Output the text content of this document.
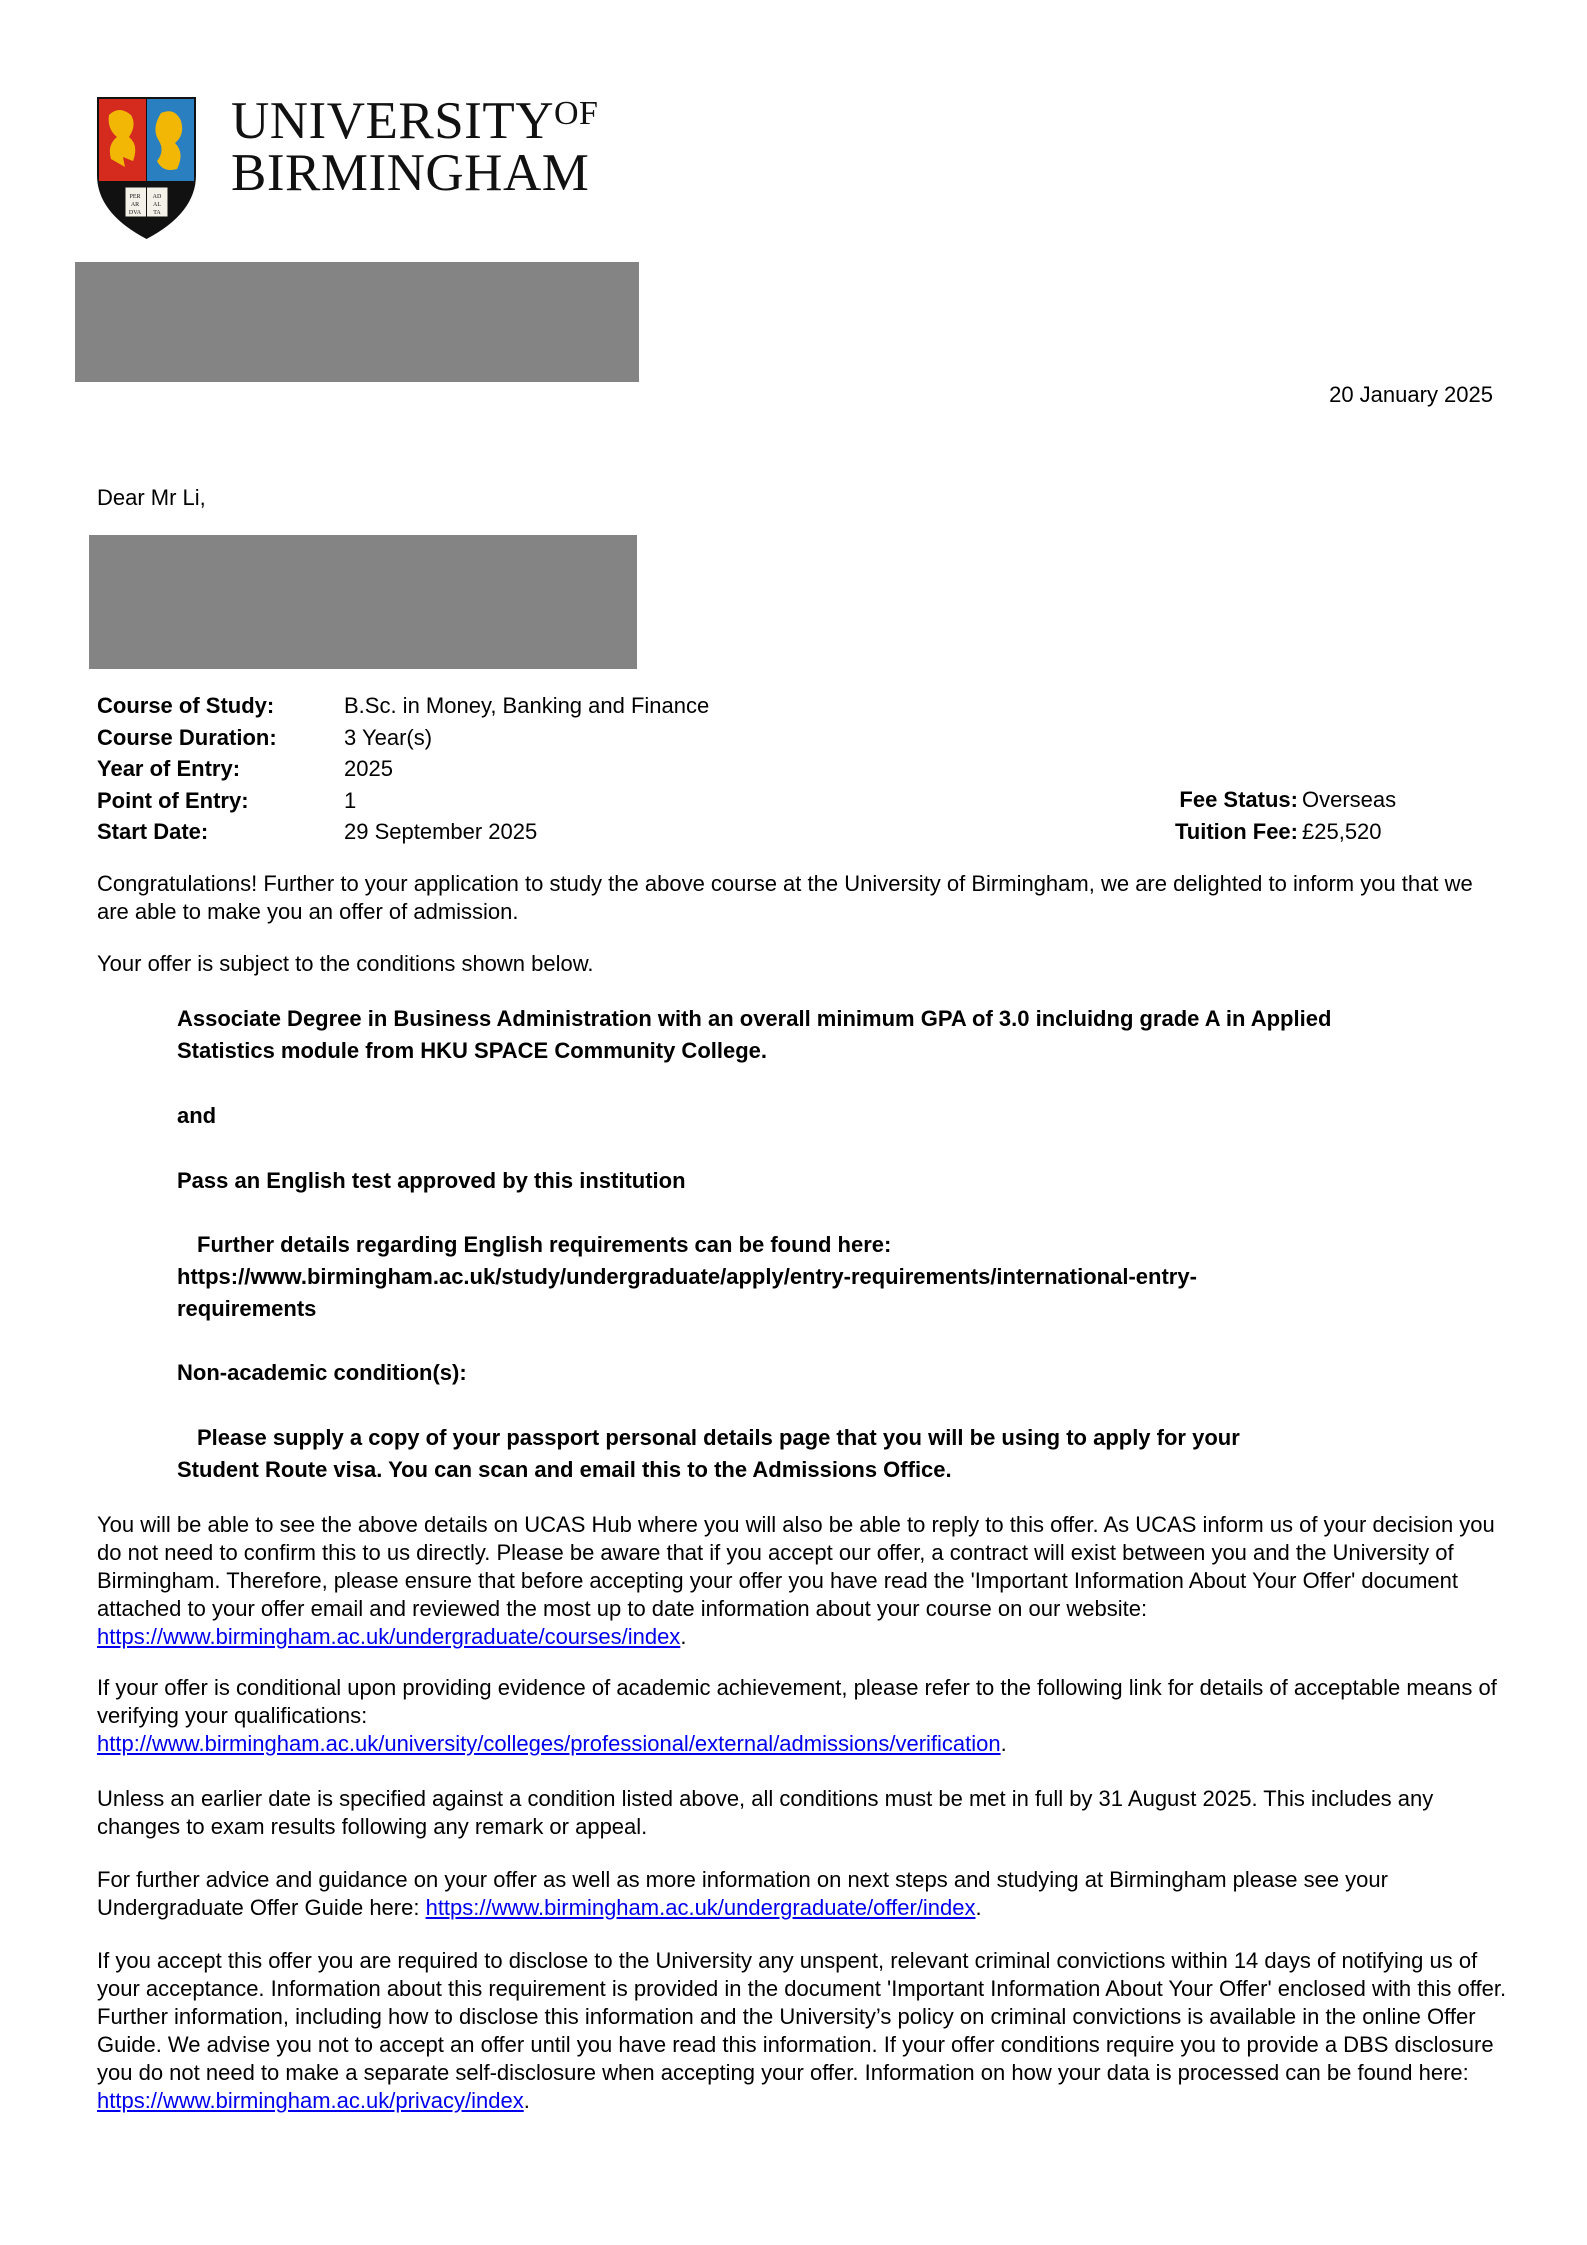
PER
AR
DVA
AD
AL
TA
$UNIVERSITY^{OF}$
BIRMINGHAM
20 January 2025
Dear Mr Li,
Course of Study:	B.Sc. in Money, Banking and Finance
Course Duration:	3 Year(s)
Year of Entry:	2025
Point of Entry:	1
Start Date:	29 September 2025
Fee Status: Overseas
Tuition Fee: £25,520
Congratulations! Further to your application to study the above course at the University of Birmingham, we are delighted to inform you that we are able to make you an offer of admission.
Your offer is subject to the conditions shown below.
Associate Degree in Business Administration with an overall minimum GPA of 3.0 incluidng grade A in Applied Statistics module from HKU SPACE Community College.
and
Pass an English test approved by this institution
Further details regarding English requirements can be found here:
https://www.birmingham.ac.uk/study/undergraduate/apply/entry-requirements/international-entry-
requirements
Non-academic condition(s):
Please supply a copy of your passport personal details page that you will be using to apply for your
Student Route visa. You can scan and email this to the Admissions Office.
You will be able to see the above details on UCAS Hub where you will also be able to reply to this offer. As UCAS inform us of your decision you do not need to confirm this to us directly. Please be aware that if you accept our offer, a contract will exist between you and the University of Birmingham. Therefore, please ensure that before accepting your offer you have read the 'Important Information About Your Offer' document attached to your offer email and reviewed the most up to date information about your course on our website: https://www.birmingham.ac.uk/undergraduate/courses/index.
If your offer is conditional upon providing evidence of academic achievement, please refer to the following link for details of acceptable means of verifying your qualifications:
http://www.birmingham.ac.uk/university/colleges/professional/external/admissions/verification.
Unless an earlier date is specified against a condition listed above, all conditions must be met in full by 31 August 2025. This includes any changes to exam results following any remark or appeal.
For further advice and guidance on your offer as well as more information on next steps and studying at Birmingham please see your Undergraduate Offer Guide here: https://www.birmingham.ac.uk/undergraduate/offer/index.
If you accept this offer you are required to disclose to the University any unspent, relevant criminal convictions within 14 days of notifying us of your acceptance. Information about this requirement is provided in the document 'Important Information About Your Offer' enclosed with this offer. Further information, including how to disclose this information and the University’s policy on criminal convictions is available in the online Offer Guide. We advise you not to accept an offer until you have read this information. If your offer conditions require you to provide a DBS disclosure you do not need to make a separate self-disclosure when accepting your offer. Information on how your data is processed can be found here: https://www.birmingham.ac.uk/privacy/index.
